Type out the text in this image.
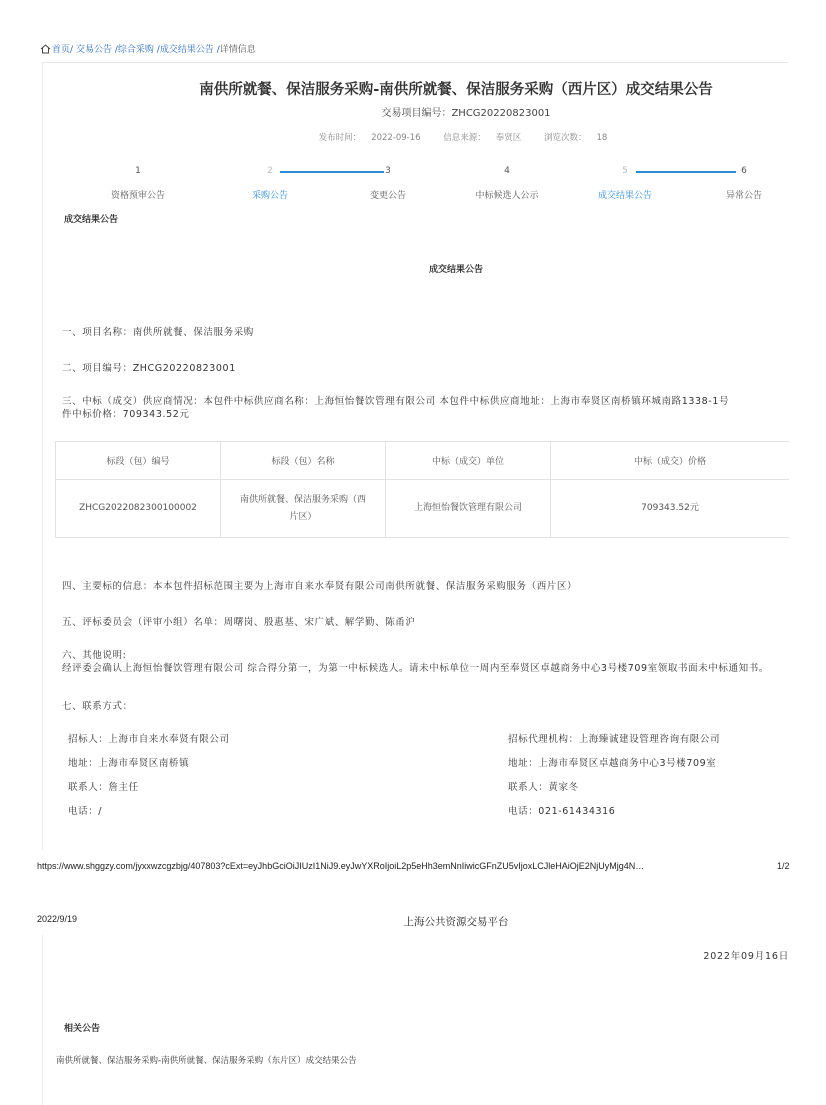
首页/ 交易公告 /综合采购 /成交结果公告 /详情信息
南供所就餐、保洁服务采购-南供所就餐、保洁服务采购（西片区）成交结果公告
交易项目编号：ZHCG20220823001
发布时间： 2022-09-16	信息来源： 奉贤区	浏览次数： 18
1
资格预审公告
2
采购公告
3
变更公告
4
中标候选人公示
5
成交结果公告
6
异常公告
成交结果公告
成交结果公告
一、项目名称：南供所就餐、保洁服务采购
二、项目编号：ZHCG20220823001
三、中标（成交）供应商情况：本包件中标供应商名称：上海恒怡餐饮管理有限公司 本包件中标供应商地址：上海市奉贤区南桥镇环城南路1338-1号
件中标价格：709343.52元
标段（包）编号	标段（包）名称	中标（成交）单位	中标（成交）价格
ZHCG2022082300100002	南供所就餐、保洁服务采购（西片区）	上海恒怡餐饮管理有限公司	709343.52元
四、主要标的信息：本本包件招标范围主要为上海市自来水奉贤有限公司南供所就餐、保洁服务采购服务（西片区）
五、评标委员会（评审小组）名单：周曙岗、殷惠基、宋广斌、解学勤、陈甬沪
六、其他说明:
经评委会确认上海恒怡餐饮管理有限公司 综合得分第一，为第一中标候选人。请未中标单位一周内至奉贤区卓越商务中心3号楼709室领取书面未中标通知书。
七、联系方式：
招标人：上海市自来水奉贤有限公司	招标代理机构：上海臻诚建设管理咨询有限公司
地址：上海市奉贤区南桥镇	地址：上海市奉贤区卓越商务中心3号楼709室
联系人：詹主任	联系人：黄家冬
电话：/	电话：021-61434316
https://www.shggzy.com/jyxxwzcgzbjg/407803?cExt=eyJhbGciOiJIUzI1NiJ9.eyJwYXRoIjoiL2p5eHh3emNnIiwicGFnZU5vIjoxLCJleHAiOjE2NjUyMjg4N…	1/2
2022/9/19	上海公共资源交易平台
2022年09月16日
相关公告
南供所就餐、保洁服务采购-南供所就餐、保洁服务采购（东片区）成交结果公告
